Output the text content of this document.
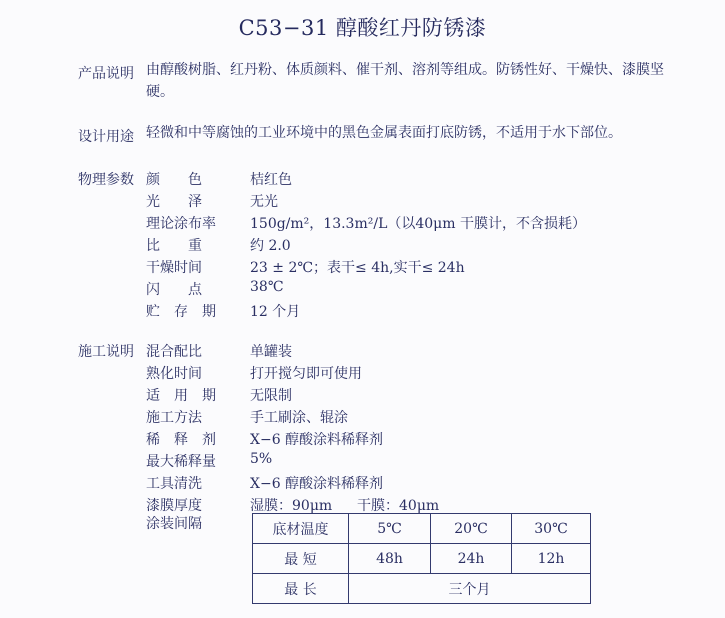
C53−31 醇酸红丹防锈漆
产品说明 由醇酸树脂、红丹粉、体质颜料、催干剂、溶剂等组成。防锈性好、干燥快、漆膜坚硬。
设计用途 轻微和中等腐蚀的工业环境中的黑色金属表面打底防锈，不适用于水下部位。
物理参数 颜色	桔红色
光泽	无光
理论涂布率	150g/m²，13.3m²/L（以40μm 干膜计，不含损耗）
比重	约 2.0
干燥时间	23 ± 2℃；表干≤ 4h,实干≤ 24h
闪点	38℃
贮存期	12 个月
施工说明 混合配比	单罐装
熟化时间	打开搅匀即可使用
适用期	无限制
施工方法	手工刷涂、辊涂
稀释剂	X−6 醇酸涂料稀释剂
最大稀释量	5%
工具清洗	X−6 醇酸涂料稀释剂
漆膜厚度	湿膜：90μm 干膜：40μm
涂装间隔	底材温度	5℃	20℃	30℃
最 短	48h	24h	12h
最 长	三个月		
